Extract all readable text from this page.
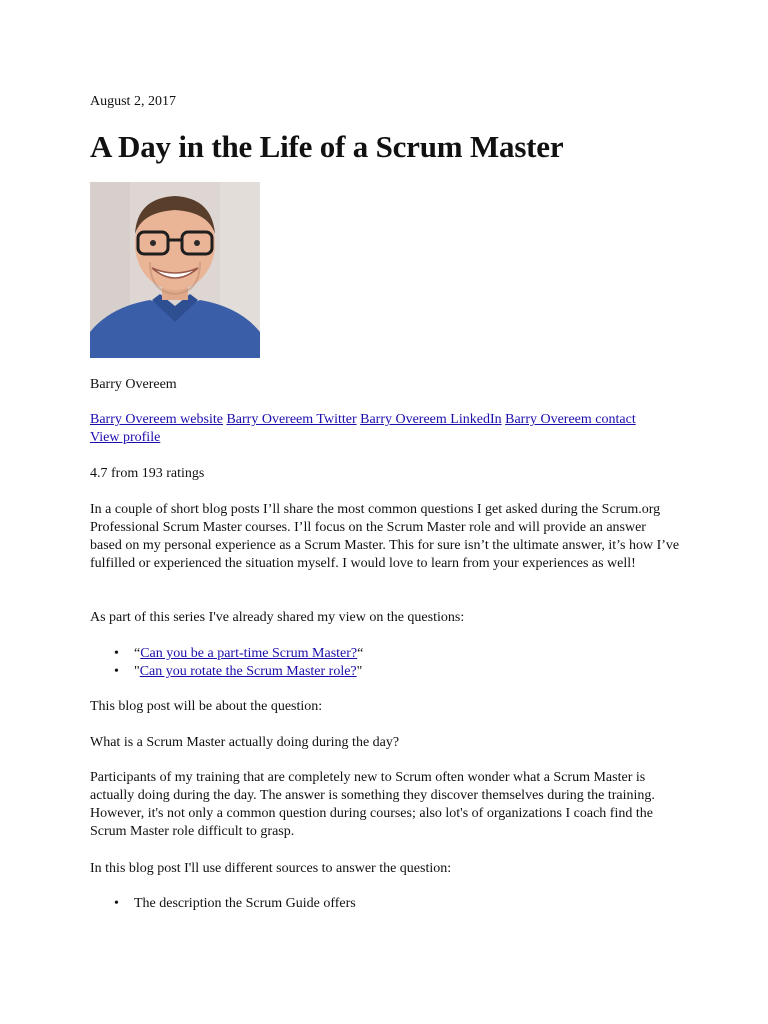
August 2, 2017
A Day in the Life of a Scrum Master
Barry Overeem
Barry Overeem website Barry Overeem Twitter Barry Overeem LinkedIn Barry Overeem contact View profile
4.7 from 193 ratings

In a couple of short blog posts I’ll share the most common questions I get asked during the Scrum.org Professional Scrum Master courses. I’ll focus on the Scrum Master role and will provide an answer based on my personal experience as a Scrum Master. This for sure isn’t the ultimate answer, it’s how I’ve fulfilled or experienced the situation myself. I would love to learn from your experiences as well!

As part of this series I've already shared my view on the questions:

• “Can you be a part-time Scrum Master?“
• "Can you rotate the Scrum Master role?"

This blog post will be about the question:

What is a Scrum Master actually doing during the day?

Participants of my training that are completely new to Scrum often wonder what a Scrum Master is actually doing during the day. The answer is something they discover themselves during the training. However, it's not only a common question during courses; also lot's of organizations I coach find the Scrum Master role difficult to grasp.

In this blog post I'll use different sources to answer the question:

• The description the Scrum Guide offers
